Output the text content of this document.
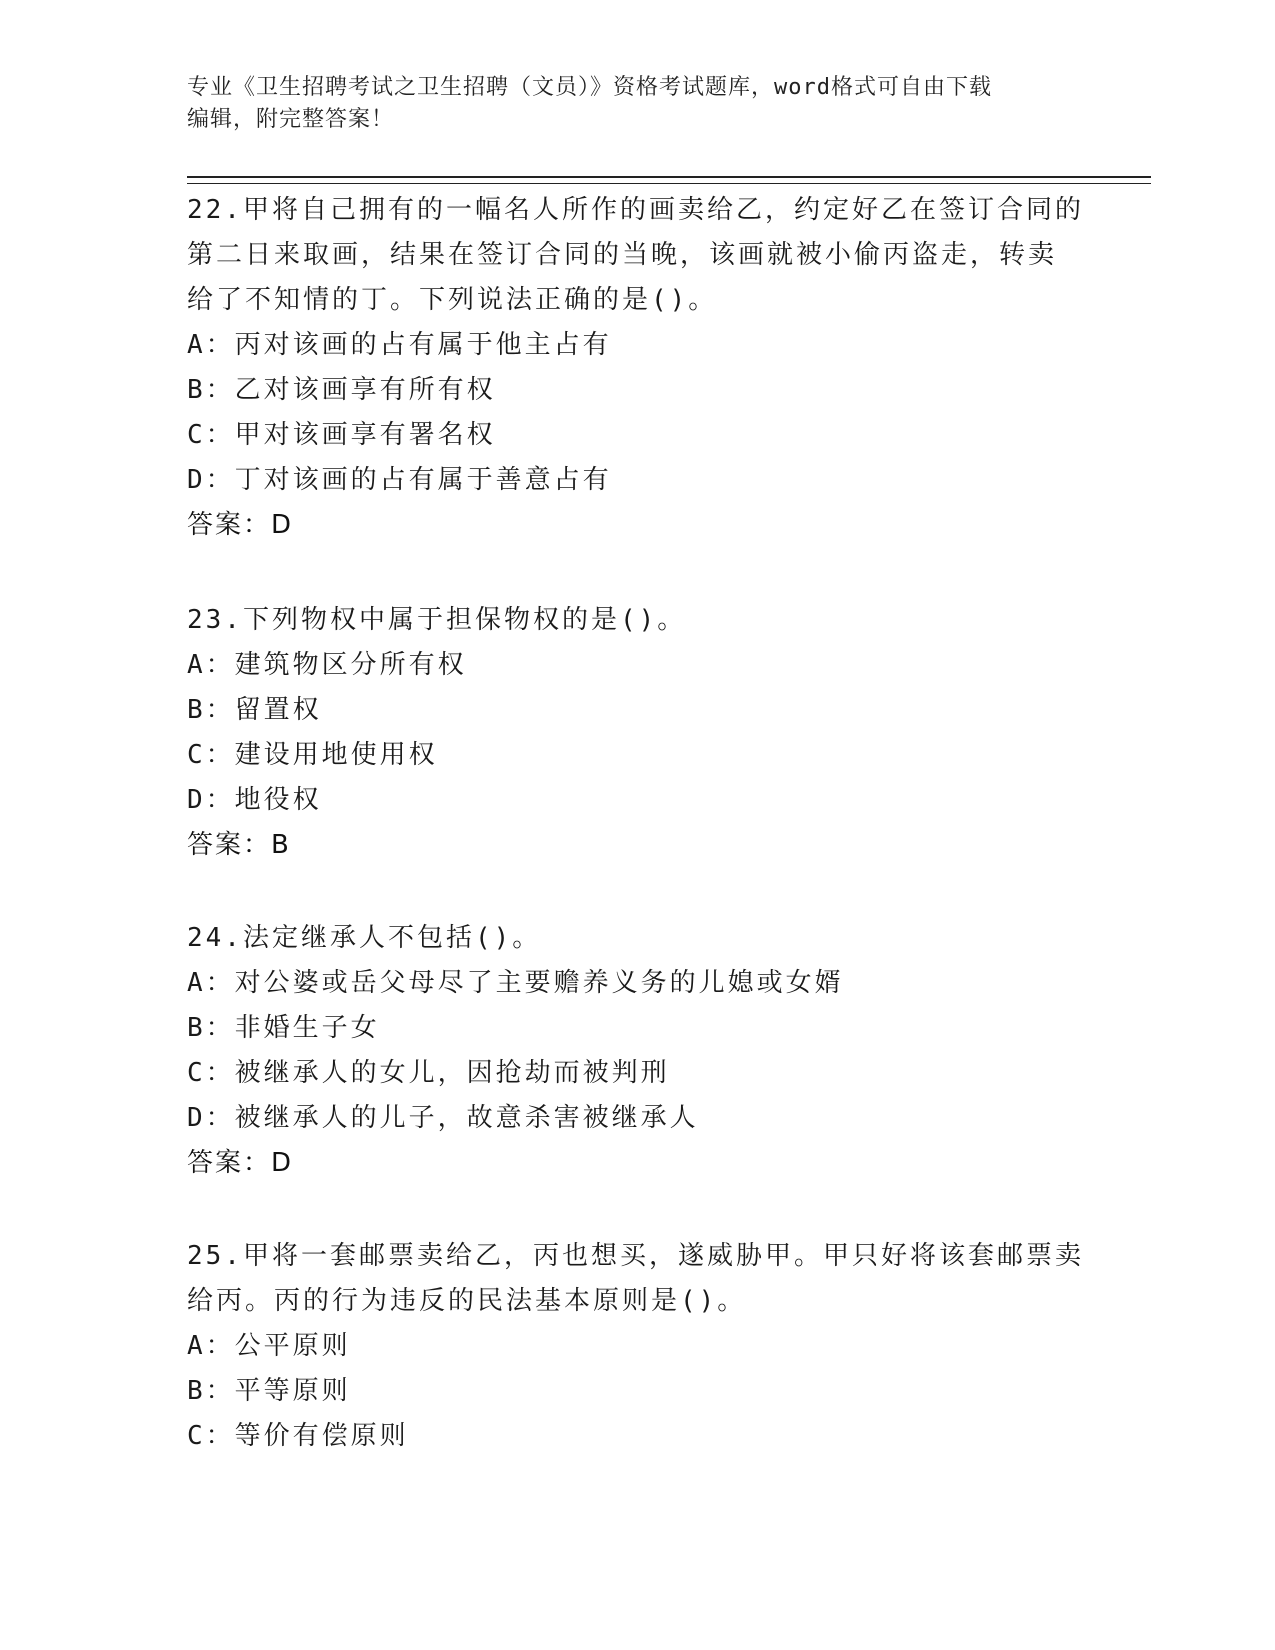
专业《卫生招聘考试之卫生招聘（文员）》资格考试题库，word格式可自由下载
编辑，附完整答案！
22.甲将自己拥有的一幅名人所作的画卖给乙，约定好乙在签订合同的
第二日来取画，结果在签订合同的当晚，该画就被小偷丙盗走，转卖
给了不知情的丁。下列说法正确的是()。
A：丙对该画的占有属于他主占有
B：乙对该画享有所有权
C：甲对该画享有署名权
D：丁对该画的占有属于善意占有
答案：D
23.下列物权中属于担保物权的是()。
A：建筑物区分所有权
B：留置权
C：建设用地使用权
D：地役权
答案：B
24.法定继承人不包括()。
A：对公婆或岳父母尽了主要赡养义务的儿媳或女婿
B：非婚生子女
C：被继承人的女儿，因抢劫而被判刑
D：被继承人的儿子，故意杀害被继承人
答案：D
25.甲将一套邮票卖给乙，丙也想买，遂威胁甲。甲只好将该套邮票卖
给丙。丙的行为违反的民法基本原则是()。
A：公平原则
B：平等原则
C：等价有偿原则
